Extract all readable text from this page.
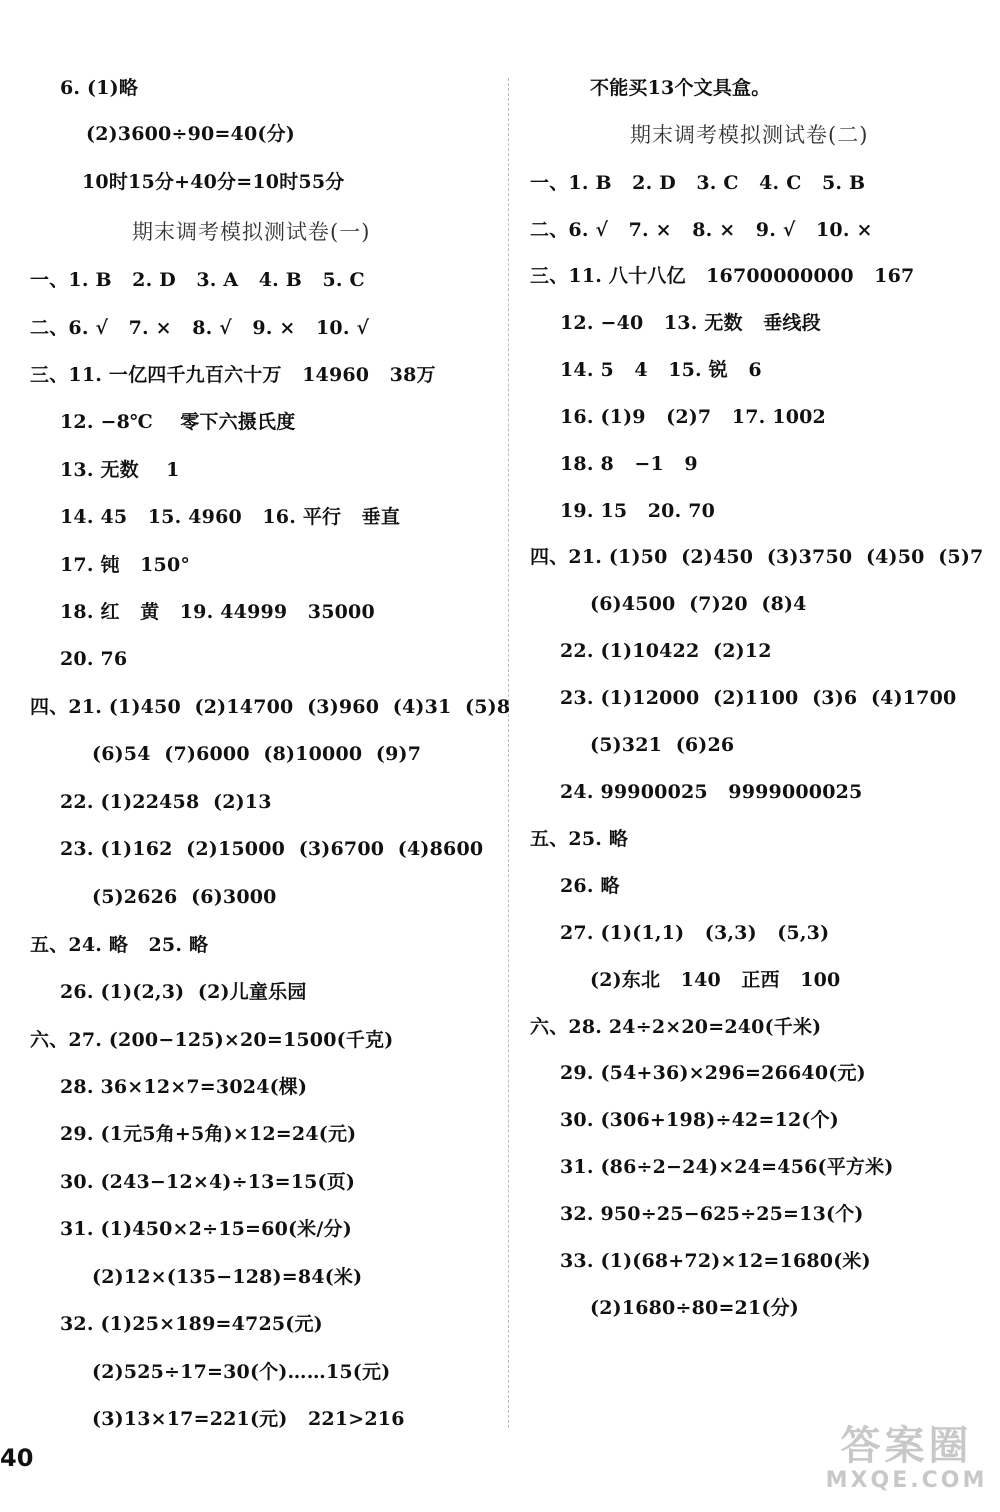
6. (1)略
(2)3600÷90=40(分)
10时15分+40分=10时55分
期末调考模拟测试卷(一)
一、1. B   2. D   3. A   4. B   5. C
二、6. √   7. ×   8. √   9. ×   10. √
三、11. 一亿四千九百六十万   14960   38万
12. −8℃    零下六摄氏度
13. 无数    1
14. 45   15. 4960   16. 平行   垂直
17. 钝   150°
18. 红   黄   19. 44999   35000
20. 76
四、21. (1)450  (2)14700  (3)960  (4)31  (5)8
(6)54  (7)6000  (8)10000  (9)7
22. (1)22458  (2)13
23. (1)162  (2)15000  (3)6700  (4)8600
(5)2626  (6)3000
五、24. 略   25. 略
26. (1)(2,3)  (2)儿童乐园
六、27. (200−125)×20=1500(千克)
28. 36×12×7=3024(棵)
29. (1元5角+5角)×12=24(元)
30. (243−12×4)÷13=15(页)
31. (1)450×2÷15=60(米/分)
(2)12×(135−128)=84(米)
32. (1)25×189=4725(元)
(2)525÷17=30(个)……15(元)
(3)13×17=221(元)   221>216
不能买13个文具盒。
期末调考模拟测试卷(二)
一、1. B   2. D   3. C   4. C   5. B
二、6. √   7. ×   8. ×   9. √   10. ×
三、11. 八十八亿   16700000000   167
12. −40   13. 无数   垂线段
14. 5   4   15. 锐   6
16. (1)9   (2)7   17. 1002
18. 8   −1   9
19. 15   20. 70
四、21. (1)50  (2)450  (3)3750  (4)50  (5)7
(6)4500  (7)20  (8)4
22. (1)10422  (2)12
23. (1)12000  (2)1100  (3)6  (4)1700
(5)321  (6)26
24. 99900025   9999000025
五、25. 略
26. 略
27. (1)(1,1)   (3,3)   (5,3)
(2)东北   140   正西   100
六、28. 24÷2×20=240(千米)
29. (54+36)×296=26640(元)
30. (306+198)÷42=12(个)
31. (86÷2−24)×24=456(平方米)
32. 950÷25−625÷25=13(个)
33. (1)(68+72)×12=1680(米)
(2)1680÷80=21(分)
40	答案圈
MXQE.COM
